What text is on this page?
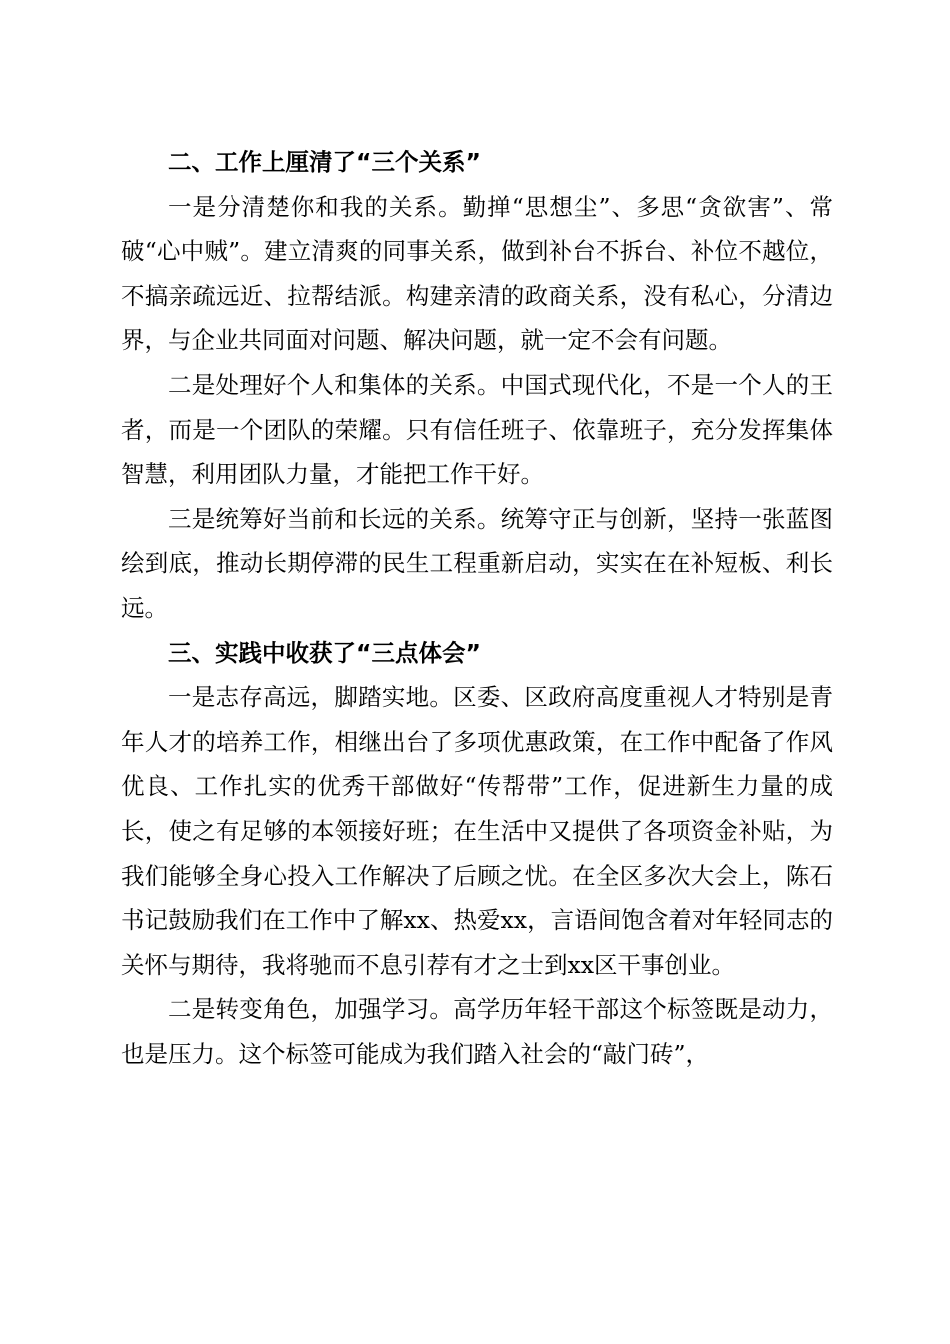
二、工作上厘清了“三个关系”

一是分清楚你和我的关系。勤掸“思想尘”、多思“贪欲害”、常破“心中贼”。建立清爽的同事关系，做到补台不拆台、补位不越位，不搞亲疏远近、拉帮结派。构建亲清的政商关系，没有私心，分清边界，与企业共同面对问题、解决问题，就一定不会有问题。

二是处理好个人和集体的关系。中国式现代化，不是一个人的王者，而是一个团队的荣耀。只有信任班子、依靠班子，充分发挥集体智慧，利用团队力量，才能把工作干好。

三是统筹好当前和长远的关系。统筹守正与创新，坚持一张蓝图绘到底，推动长期停滞的民生工程重新启动，实实在在补短板、利长远。

三、实践中收获了“三点体会”

一是志存高远，脚踏实地。区委、区政府高度重视人才特别是青年人才的培养工作，相继出台了多项优惠政策，在工作中配备了作风优良、工作扎实的优秀干部做好“传帮带”工作，促进新生力量的成长，使之有足够的本领接好班；在生活中又提供了各项资金补贴，为我们能够全身心投入工作解决了后顾之忧。在全区多次大会上，陈石书记鼓励我们在工作中了解xx、热爱xx，言语间饱含着对年轻同志的关怀与期待，我将驰而不息引荐有才之士到xx区干事创业。

二是转变角色，加强学习。高学历年轻干部这个标签既是动力，也是压力。这个标签可能成为我们踏入社会的“敲门砖”，
